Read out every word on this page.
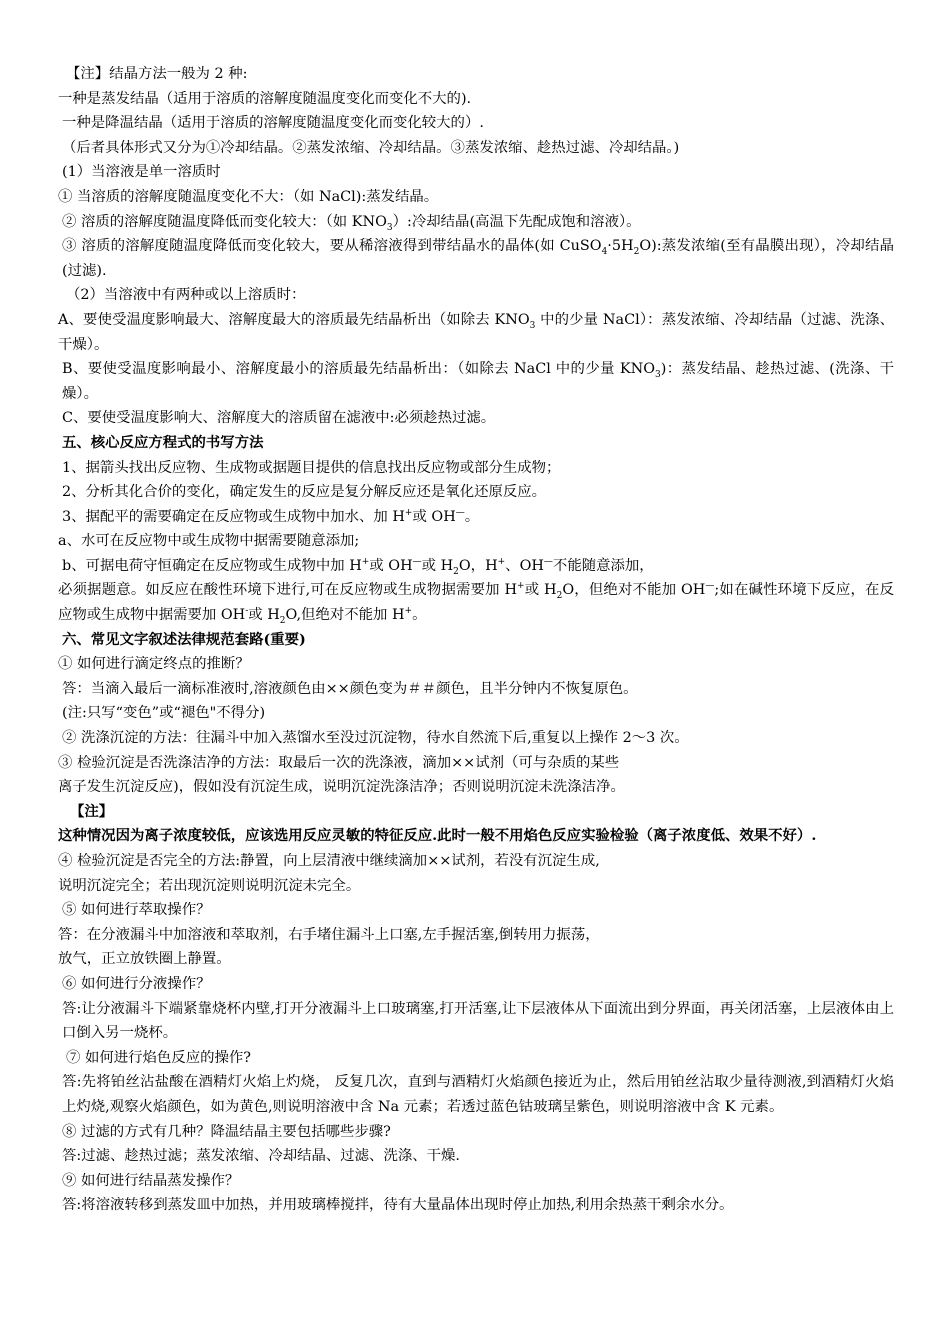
【注】结晶方法一般为 2 种:
一种是蒸发结晶（适用于溶质的溶解度随温度变化而变化不大的).
一种是降温结晶（适用于溶质的溶解度随温度变化而变化较大的）.
（后者具体形式又分为①冷却结晶。②蒸发浓缩、冷却结晶。③蒸发浓缩、趁热过滤、冷却结晶。)
(1）当溶液是单一溶质时
① 当溶质的溶解度随温度变化不大：（如 NaCl):蒸发结晶。
② 溶质的溶解度随温度降低而变化较大：（如 $KNO_3$）:冷却结晶(高温下先配成饱和溶液）。
③ 溶质的溶解度随温度降低而变化较大，要从稀溶液得到带结晶水的晶体(如 $CuSO_4\cdot 5H_2O$):蒸发浓缩(至有晶膜出现），冷却结晶(过滤).
（2）当溶液中有两种或以上溶质时：
A、要使受温度影响最大、溶解度最大的溶质最先结晶析出（如除去 $KNO_3$ 中的少量 NaCl）：蒸发浓缩、冷却结晶（过滤、洗涤、干燥）。
B、要使受温度影响最小、溶解度最小的溶质最先结晶析出：（如除去 NaCl 中的少量 $KNO_3$)：蒸发结晶、趁热过滤、(洗涤、干燥）。
C、要使受温度影响大、溶解度大的溶质留在滤液中:必须趁热过滤。
五、核心反应方程式的书写方法
1、据箭头找出反应物、生成物或据题目提供的信息找出反应物或部分生成物；
2、分析其化合价的变化，确定发生的反应是复分解反应还是氧化还原反应。
3、据配平的需要确定在反应物或生成物中加水、加 H+或 OH—。
a、水可在反应物中或生成物中据需要随意添加;
b、可据电荷守恒确定在反应物或生成物中加 H+或 OH—或 $H_2O$，H+、OH—不能随意添加，
必须据题意。如反应在酸性环境下进行,可在反应物或生成物据需要加 H+或 $H_2O$，但绝对不能加 OH—;如在碱性环境下反应，在反应物或生成物中据需要加 OH-或 $H_2O$,但绝对不能加 H+。
六、常见文字叙述法律规范套路(重要)
① 如何进行滴定终点的推断？
答：当滴入最后一滴标准液时,溶液颜色由××颜色变为＃＃颜色，且半分钟内不恢复原色。
(注:只写“变色”或“褪色"不得分)
② 洗涤沉淀的方法：往漏斗中加入蒸馏水至没过沉淀物，待水自然流下后,重复以上操作 2～3 次。
③ 检验沉淀是否洗涤洁净的方法：取最后一次的洗涤液，滴加××试剂（可与杂质的某些
离子发生沉淀反应)，假如没有沉淀生成，说明沉淀洗涤洁净；否则说明沉淀未洗涤洁净。
【注】
这种情况因为离子浓度较低，应该选用反应灵敏的特征反应.此时一般不用焰色反应实验检验（离子浓度低、效果不好）.
④ 检验沉淀是否完全的方法:静置，向上层清液中继续滴加××试剂，若没有沉淀生成,
说明沉淀完全；若出现沉淀则说明沉淀未完全。
⑤ 如何进行萃取操作？
答：在分液漏斗中加溶液和萃取剂，右手堵住漏斗上口塞,左手握活塞,倒转用力振荡，
放气，正立放铁圈上静置。
⑥ 如何进行分液操作？
答:让分液漏斗下端紧靠烧杯内壁,打开分液漏斗上口玻璃塞,打开活塞,让下层液体从下面流出到分界面，再关闭活塞，上层液体由上口倒入另一烧杯。
⑦ 如何进行焰色反应的操作?
答:先将铂丝沾盐酸在酒精灯火焰上灼烧， 反复几次，直到与酒精灯火焰颜色接近为止，然后用铂丝沾取少量待测液,到酒精灯火焰上灼烧,观察火焰颜色，如为黄色,则说明溶液中含 Na 元素；若透过蓝色钴玻璃呈紫色，则说明溶液中含 K 元素。
⑧ 过滤的方式有几种？降温结晶主要包括哪些步骤?
答:过滤、趁热过滤；蒸发浓缩、冷却结晶、过滤、洗涤、干燥.
⑨ 如何进行结晶蒸发操作？
答:将溶液转移到蒸发皿中加热，并用玻璃棒搅拌，待有大量晶体出现时停止加热,利用余热蒸干剩余水分。
